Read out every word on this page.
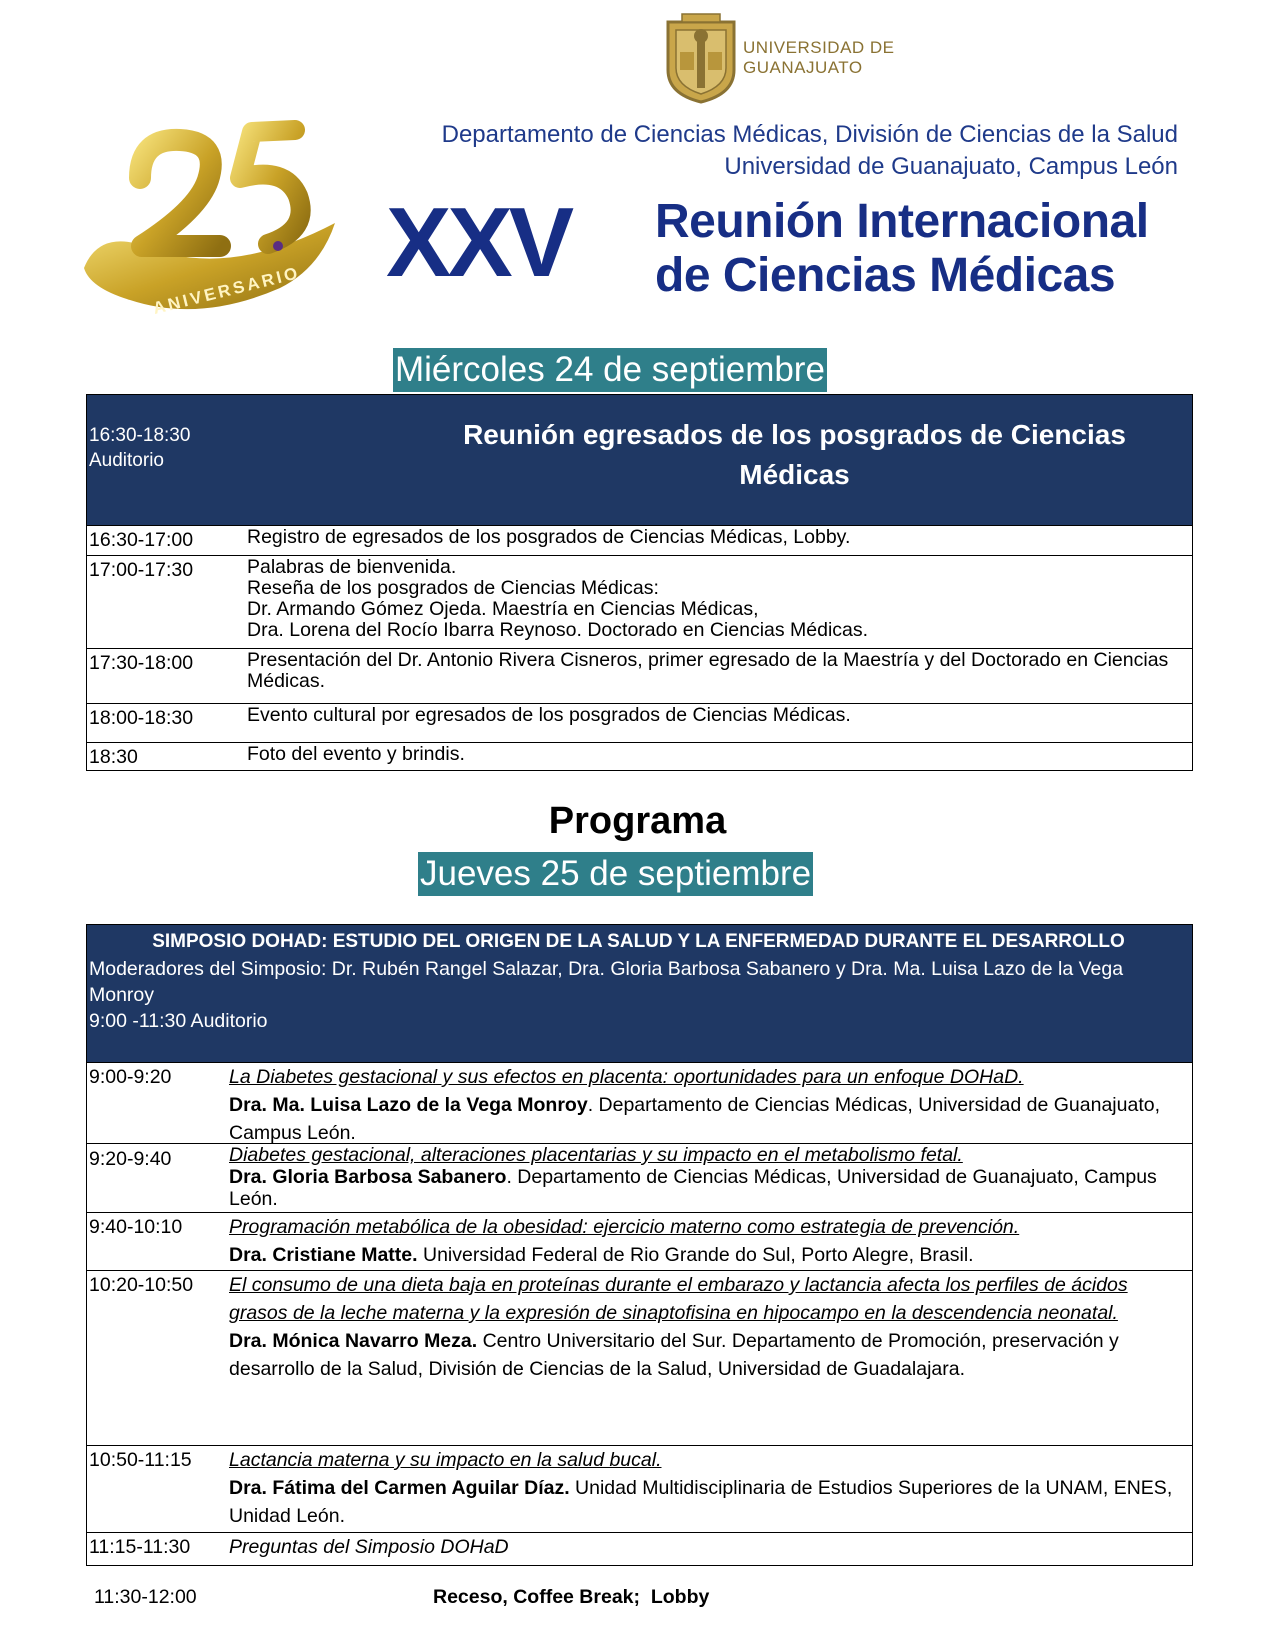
UNIVERSIDAD DE
GUANAJUATO
ANIVERSARIO
Departamento de Ciencias Médicas, División de Ciencias de la Salud
Universidad de Guanajuato, Campus León
XXV Reunión Internacional
de Ciencias Médicas
Miércoles 24 de septiembre
16:30-18:30
Auditorio
Reunión egresados de los posgrados de Ciencias Médicas
16:30-17:00	Registro de egresados de los posgrados de Ciencias Médicas, Lobby.
17:00-17:30	Palabras de bienvenida.
Reseña de los posgrados de Ciencias Médicas:
Dr. Armando Gómez Ojeda. Maestría en Ciencias Médicas,
Dra. Lorena del Rocío Ibarra Reynoso. Doctorado en Ciencias Médicas.
17:30-18:00	Presentación del Dr. Antonio Rivera Cisneros, primer egresado de la Maestría y del Doctorado en Ciencias Médicas.
18:00-18:30	Evento cultural por egresados de los posgrados de Ciencias Médicas.
18:30	Foto del evento y brindis.
Programa
Jueves 25 de septiembre
SIMPOSIO DOHAD: ESTUDIO DEL ORIGEN DE LA SALUD Y LA ENFERMEDAD DURANTE EL DESARROLLO
Moderadores del Simposio: Dr. Rubén Rangel Salazar, Dra. Gloria Barbosa Sabanero y Dra. Ma. Luisa Lazo de la Vega Monroy
9:00 -11:30 Auditorio
9:00-9:20	La Diabetes gestacional y sus efectos en placenta: oportunidades para un enfoque DOHaD.
Dra. Ma. Luisa Lazo de la Vega Monroy. Departamento de Ciencias Médicas, Universidad de Guanajuato, Campus León.
9:20-9:40	Diabetes gestacional, alteraciones placentarias y su impacto en el metabolismo fetal.
Dra. Gloria Barbosa Sabanero. Departamento de Ciencias Médicas, Universidad de Guanajuato, Campus León.
9:40-10:10	Programación metabólica de la obesidad: ejercicio materno como estrategia de prevención.
Dra. Cristiane Matte. Universidad Federal de Rio Grande do Sul, Porto Alegre, Brasil.
10:20-10:50	El consumo de una dieta baja en proteínas durante el embarazo y lactancia afecta los perfiles de ácidos grasos de la leche materna y la expresión de sinaptofisina en hipocampo en la descendencia neonatal.
Dra. Mónica Navarro Meza. Centro Universitario del Sur. Departamento de Promoción, preservación y desarrollo de la Salud, División de Ciencias de la Salud, Universidad de Guadalajara.
10:50-11:15	Lactancia materna y su impacto en la salud bucal.
Dra. Fátima del Carmen Aguilar Díaz. Unidad Multidisciplinaria de Estudios Superiores de la UNAM, ENES, Unidad León.
11:15-11:30	Preguntas del Simposio DOHaD
11:30-12:00	Receso, Coffee Break;  Lobby
